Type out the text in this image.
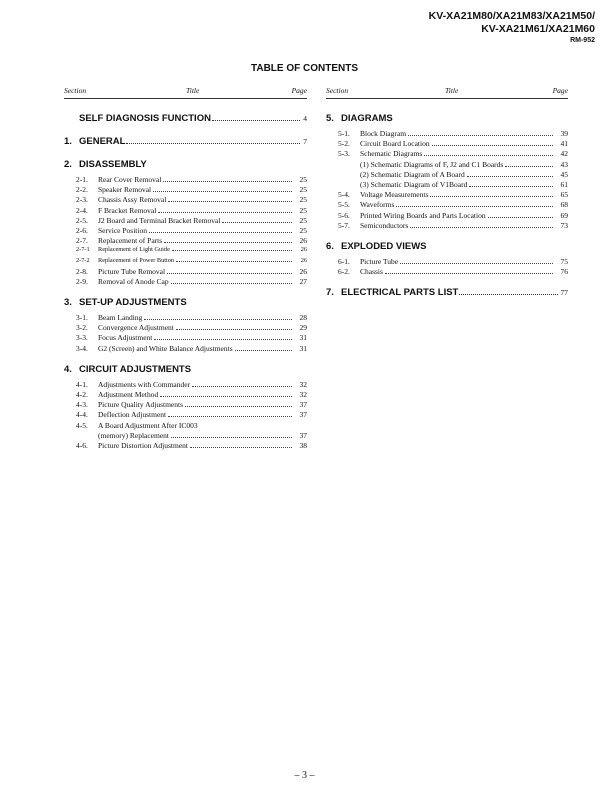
KV-XA21M80/XA21M83/XA21M50/
KV-XA21M61/XA21M60
RM-952
TABLE OF CONTENTS
Section	Title	Page
SELF DIAGNOSIS FUNCTION	4
1. GENERAL	7
2. DISASSEMBLY
2-1.	Rear Cover Removal	25
2-2.	Speaker Removal	25
2-3.	Chassis Assy Removal	25
2-4.	F Bracket Removal	25
2-5.	J2 Board and Terminal Bracket Removal	25
2-6.	Service Position	25
2-7.	Replacement of Parts	26
2-7-1	Replacement of Light Guide	26
2-7-2	Replacement of Power Button	26
2-8.	Picture Tube Removal	26
2-9.	Removal of Anode Cap	27
3. SET-UP ADJUSTMENTS
3-1.	Beam Landing	28
3-2.	Convergence Adjustment	29
3-3.	Focus Adjustment	31
3-4.	G2 (Screen) and White Balance Adjustments	31
4. CIRCUIT ADJUSTMENTS
4-1.	Adjustments with Commander	32
4-2.	Adjustment Method	32
4-3.	Picture Quality Adjustments	37
4-4.	Deflection Adjustment	37
4-5.	A Board Adjustment After IC003
(memory) Replacement	37
4-6.	Picture Distortion Adjustment	38
Section	Title	Page
5. DIAGRAMS
5-1.	Block Diagram	39
5-2.	Circuit Board Location	41
5-3.	Schematic Diagrams	42
(1) Schematic Diagrams of F, J2 and C1 Boards	43
(2) Schematic Diagram of A Board	45
(3) Schematic Diagram of V1Board	61
5-4.	Voltage Measurements	65
5-5.	Waveforms	68
5-6.	Printed Wiring Boards and Parts Location	69
5-7.	Semiconductors	73
6. EXPLODED VIEWS
6-1.	Picture Tube	75
6-2.	Chassis	76
7. ELECTRICAL PARTS LIST	77
– 3 –
